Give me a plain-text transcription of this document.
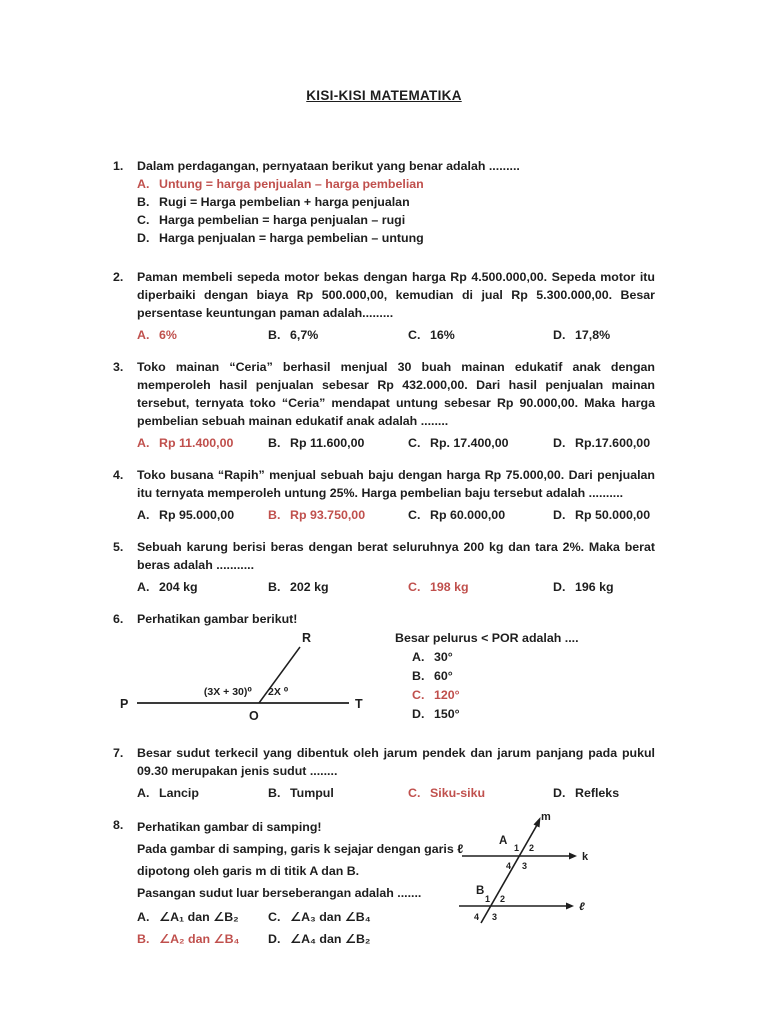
KISI-KISI MATEMATIKA
1.	Dalam perdagangan, pernyataan berikut yang benar adalah .........
A. Untung = harga penjualan – harga pembelian
B. Rugi = Harga pembelian + harga penjualan
C. Harga pembelian = harga penjualan – rugi
D. Harga penjualan = harga pembelian – untung
2.	Paman membeli sepeda motor bekas dengan harga Rp 4.500.000,00. Sepeda motor itu diperbaiki dengan biaya Rp 500.000,00, kemudian di jual Rp 5.300.000,00. Besar persentase keuntungan paman adalah.........
A. 6%	B. 6,7%	C. 16%	D. 17,8%
3.	Toko mainan “Ceria” berhasil menjual 30 buah mainan edukatif anak dengan memperoleh hasil penjualan sebesar Rp 432.000,00. Dari hasil penjualan mainan tersebut, ternyata toko “Ceria” mendapat untung sebesar Rp 90.000,00. Maka harga pembelian sebuah mainan edukatif anak adalah ........
A. Rp 11.400,00	B. Rp 11.600,00	C. Rp. 17.400,00	D. Rp.17.600,00
4.	Toko busana “Rapih” menjual sebuah baju dengan harga Rp 75.000,00. Dari penjualan itu ternyata memperoleh untung 25%. Harga pembelian baju tersebut adalah ..........
A. Rp 95.000,00	B. Rp 93.750,00	C. Rp 60.000,00	D. Rp 50.000,00
5.	Sebuah karung berisi beras dengan berat seluruhnya 200 kg dan tara 2%. Maka berat beras adalah ...........
A. 204 kg	B. 202 kg	C. 198 kg	D. 196 kg
6.	Perhatikan gambar berikut!
P	T
O
R
(3X + 30)⁰ 2X ⁰
Besar pelurus < POR adalah ....
A. 30°
B. 60°
C. 120°
D. 150°
7.	Besar sudut terkecil yang dibentuk oleh jarum pendek dan jarum panjang pada pukul 09.30 merupakan jenis sudut ........
A. Lancip	B. Tumpul	C. Siku-siku	D. Refleks
8.	Perhatikan gambar di samping!
Pada gambar di samping, garis k sejajar dengan garis ℓ
dipotong oleh garis m di titik A dan B.
Pasangan sudut luar berseberangan adalah .......
A. ∠A₁ dan ∠B₂ C. ∠A₃ dan ∠B₄
B. ∠A₂ dan ∠B₄ D. ∠A₄ dan ∠B₂
k
ℓ
m
A
B
1 2
4 3
1 2
4 3
